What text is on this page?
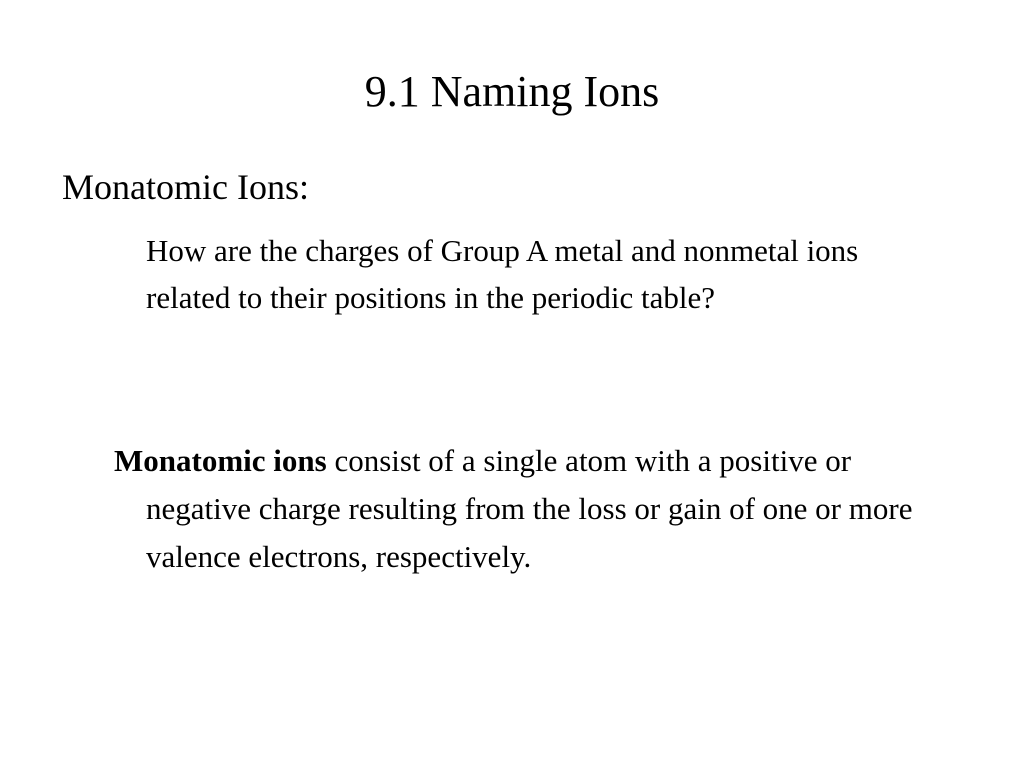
9.1 Naming Ions
Monatomic Ions:

How are the charges of Group A metal and nonmetal ions related to their positions in the periodic table?

Monatomic ions consist of a single atom with a positive or negative charge resulting from the loss or gain of one or more valence electrons, respectively.
